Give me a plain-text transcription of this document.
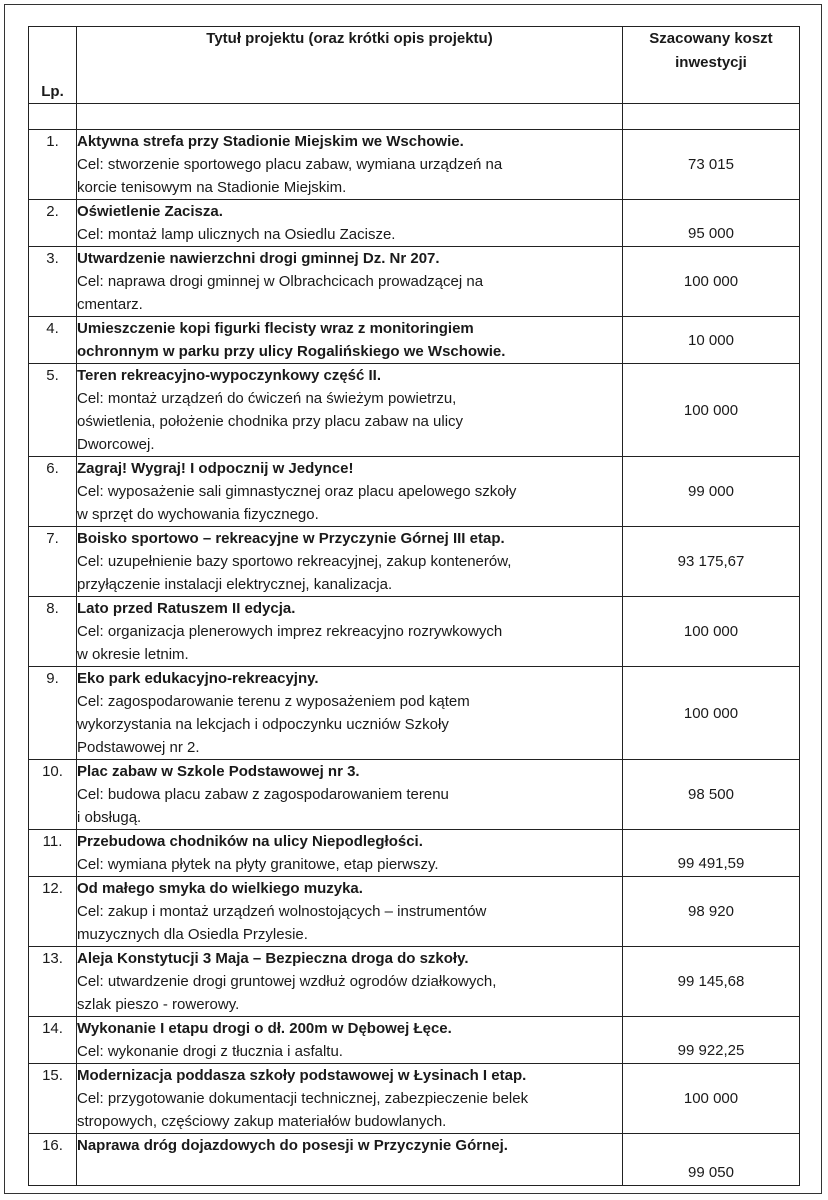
Lp.	Tytuł projektu (oraz krótki opis projektu)	Szacowany koszt
inwestycji

1.	Aktywna strefa przy Stadionie Miejskim we Wschowie.
Cel: stworzenie sportowego placu zabaw, wymiana urządzeń na
korcie tenisowym na Stadionie Miejskim.	73 015
2.	Oświetlenie Zacisza.
Cel: montaż lamp ulicznych na Osiedlu Zacisze.	95 000
3.	Utwardzenie nawierzchni drogi gminnej Dz. Nr 207.
Cel: naprawa drogi gminnej w Olbrachcicach prowadzącej na
cmentarz.	100 000
4.	Umieszczenie kopi figurki flecisty wraz z monitoringiem
ochronnym w parku przy ulicy Rogalińskiego we Wschowie.	10 000
5.	Teren rekreacyjno-wypoczynkowy część II.
Cel: montaż urządzeń do ćwiczeń na świeżym powietrzu,
oświetlenia, położenie chodnika przy placu zabaw na ulicy
Dworcowej.	100 000
6.	Zagraj! Wygraj! I odpocznij w Jedynce!
Cel: wyposażenie sali gimnastycznej oraz placu apelowego szkoły
w sprzęt do wychowania fizycznego.	99 000
7.	Boisko sportowo – rekreacyjne w Przyczynie Górnej III etap.
Cel: uzupełnienie bazy sportowo rekreacyjnej, zakup kontenerów,
przyłączenie instalacji elektrycznej, kanalizacja.	93 175,67
8.	Lato przed Ratuszem II edycja.
Cel: organizacja plenerowych imprez rekreacyjno rozrywkowych
w okresie letnim.	100 000
9.	Eko park edukacyjno-rekreacyjny.
Cel: zagospodarowanie terenu z wyposażeniem pod kątem
wykorzystania na lekcjach i odpoczynku uczniów Szkoły
Podstawowej nr 2.	100 000
10.	Plac zabaw w Szkole Podstawowej nr 3.
Cel: budowa placu zabaw z zagospodarowaniem terenu
i obsługą.	98 500
11.	Przebudowa chodników na ulicy Niepodległości.
Cel: wymiana płytek na płyty granitowe, etap pierwszy.	99 491,59
12.	Od małego smyka do wielkiego muzyka.
Cel: zakup i montaż urządzeń wolnostojących – instrumentów
muzycznych dla Osiedla Przylesie.	98 920
13.	Aleja Konstytucji 3 Maja – Bezpieczna droga do szkoły.
Cel: utwardzenie drogi gruntowej wzdłuż ogrodów działkowych,
szlak pieszo - rowerowy.	99 145,68
14.	Wykonanie I etapu drogi o dł. 200m w Dębowej Łęce.
Cel: wykonanie drogi z tłucznia i asfaltu.	99 922,25
15.	Modernizacja poddasza szkoły podstawowej w Łysinach I etap.
Cel: przygotowanie dokumentacji technicznej, zabezpieczenie belek
stropowych, częściowy zakup materiałów budowlanych.	100 000
16.	Naprawa dróg dojazdowych do posesji w Przyczynie Górnej.	99 050
